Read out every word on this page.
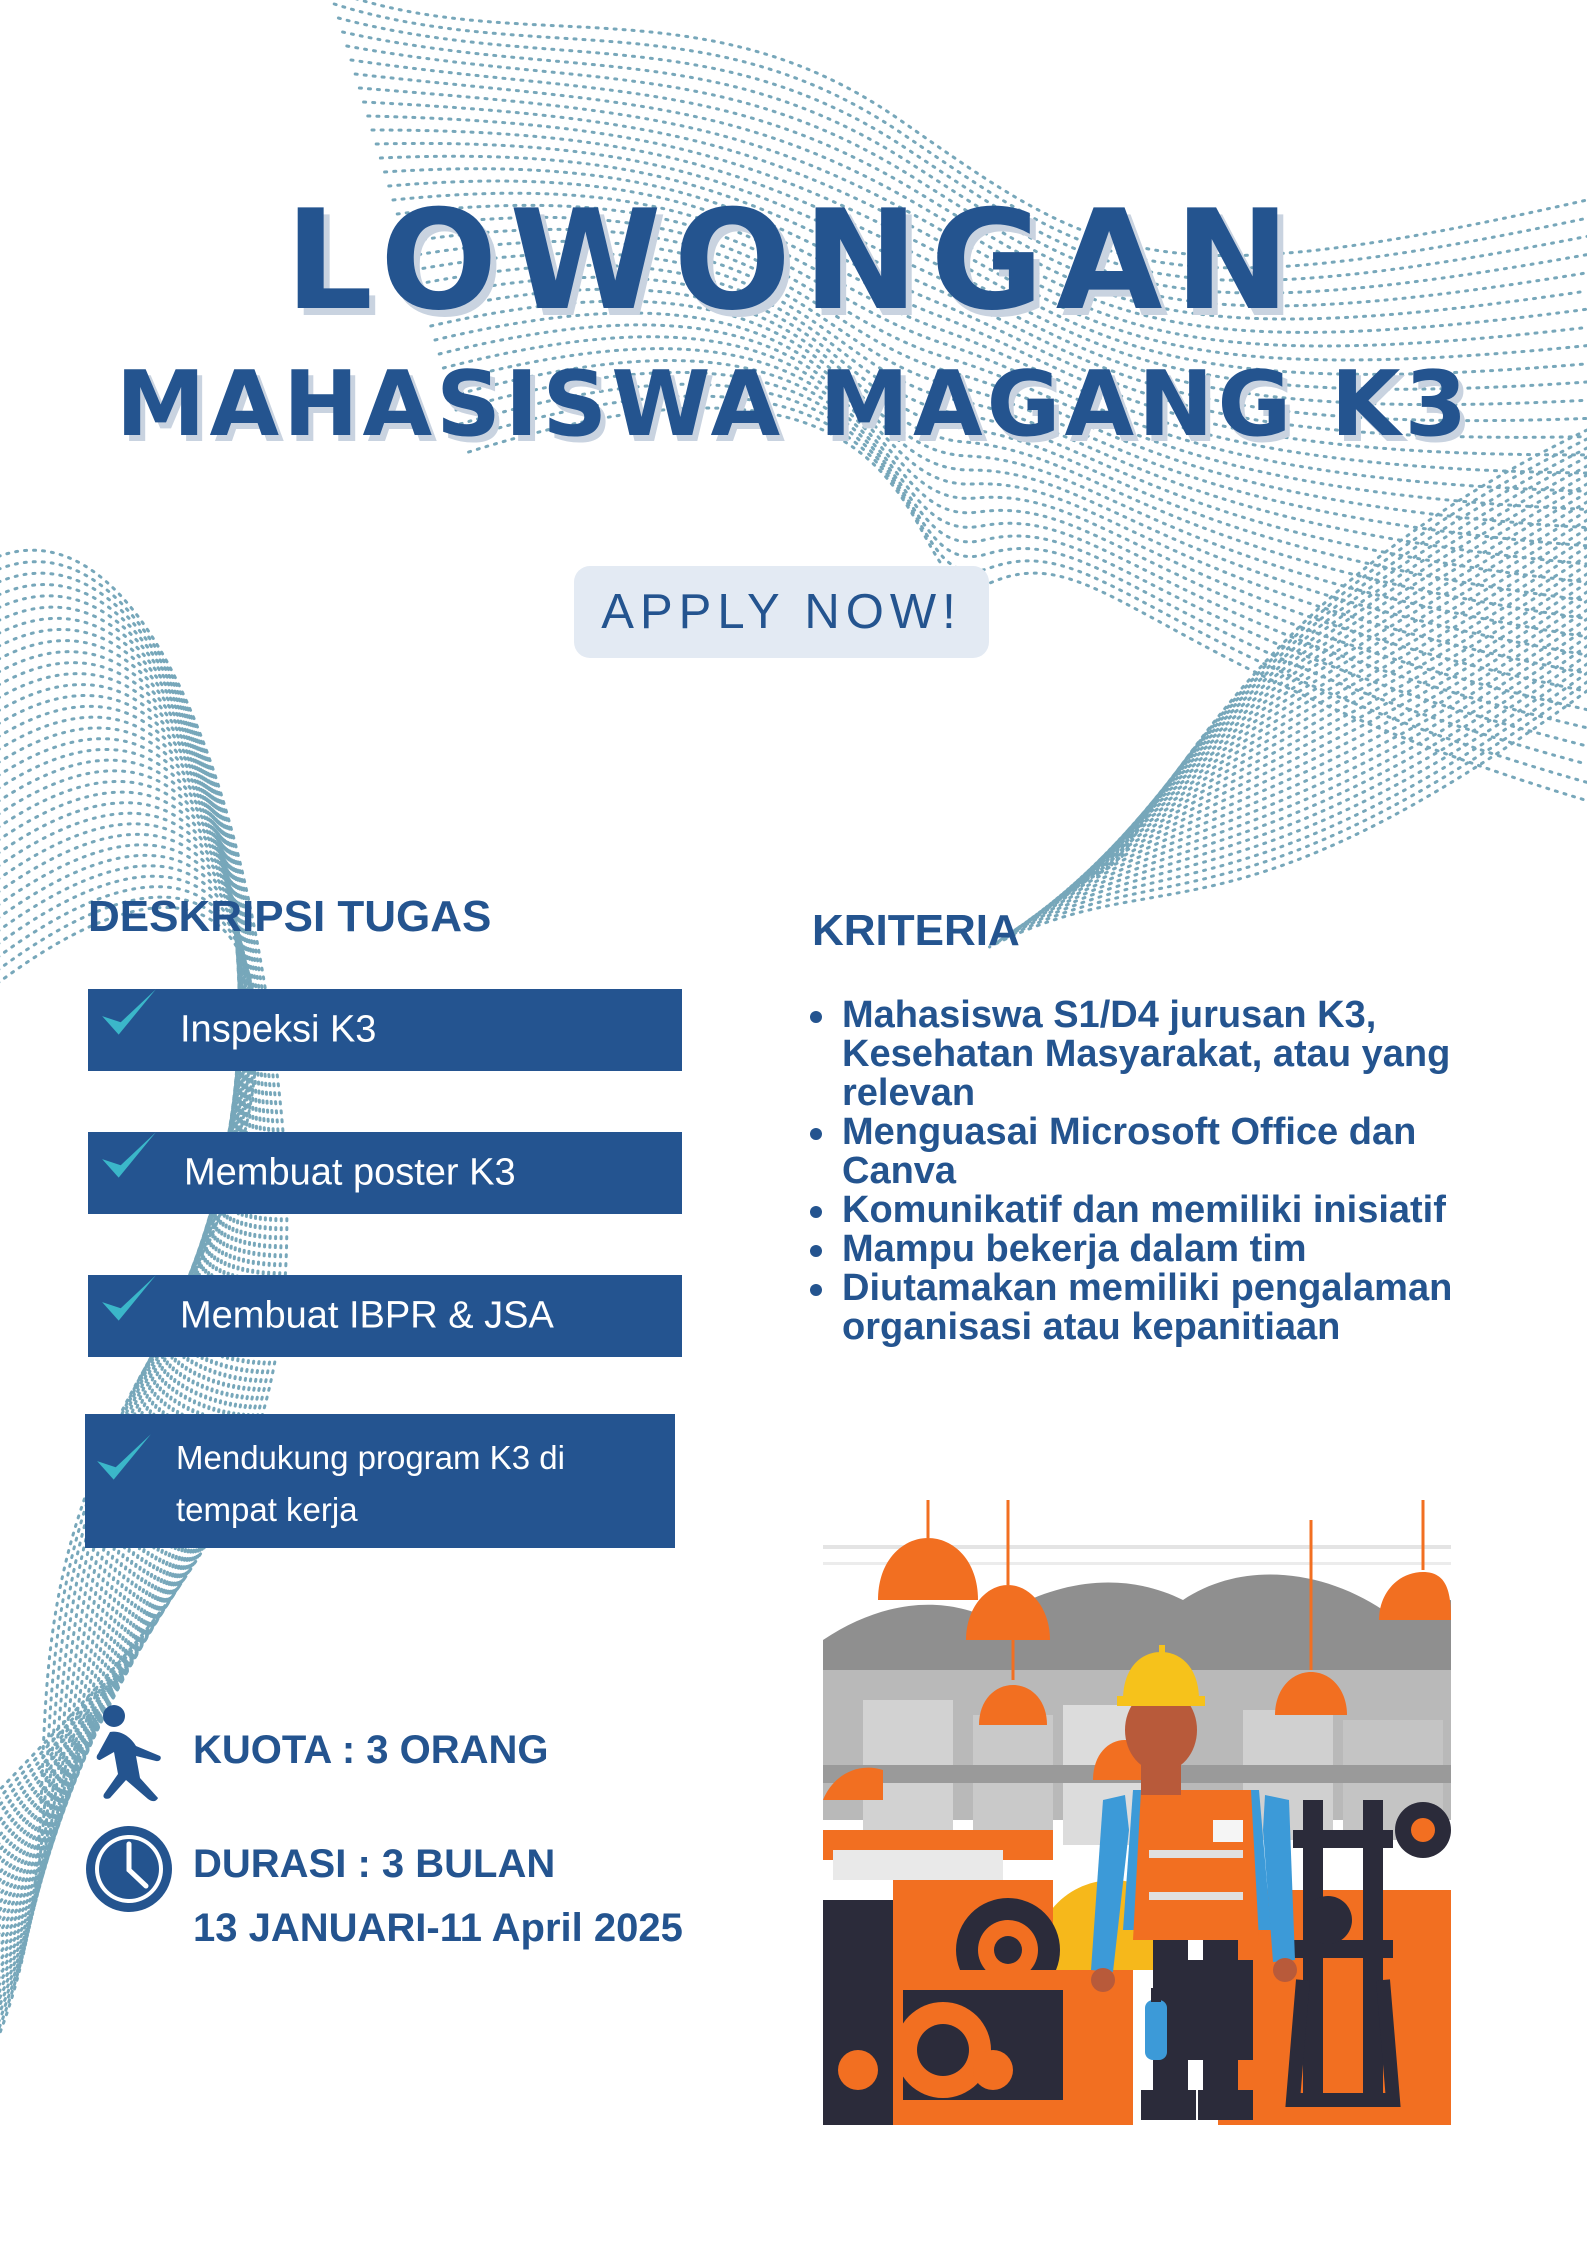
LOWONGAN
MAHASISWA MAGANG K3
APPLY NOW!
DESKRIPSI TUGAS
Inspeksi K3
Membuat poster K3
Membuat IBPR & JSA
Mendukung program K3 di tempat kerja
KRITERIA
Mahasiswa S1/D4 jurusan K3, Kesehatan Masyarakat, atau yang relevan
Menguasai Microsoft Office dan Canva
Komunikatif dan memiliki inisiatif
Mampu bekerja dalam tim
Diutamakan memiliki pengalaman organisasi atau kepanitiaan
KUOTA : 3 ORANG
DURASI : 3 BULAN
13 JANUARI-11 April 2025
